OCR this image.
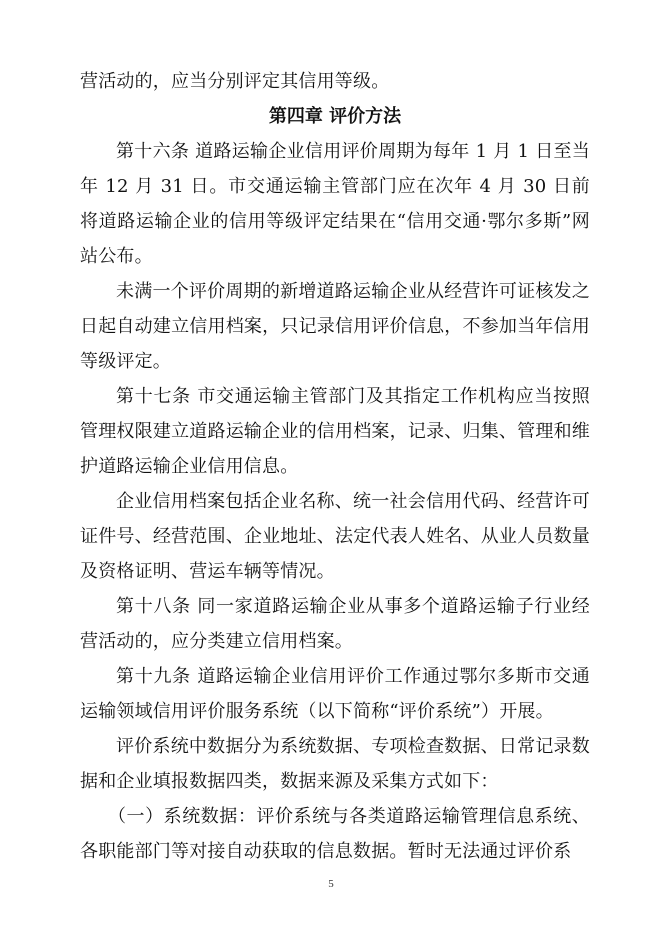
营活动的，应当分别评定其信用等级。

第四章 评价方法

第十六条 道路运输企业信用评价周期为每年 1 月 1 日至当年 12 月 31 日。市交通运输主管部门应在次年 4 月 30 日前将道路运输企业的信用等级评定结果在“信用交通·鄂尔多斯”网站公布。

未满一个评价周期的新增道路运输企业从经营许可证核发之日起自动建立信用档案，只记录信用评价信息，不参加当年信用等级评定。

第十七条 市交通运输主管部门及其指定工作机构应当按照管理权限建立道路运输企业的信用档案，记录、归集、管理和维护道路运输企业信用信息。

企业信用档案包括企业名称、统一社会信用代码、经营许可证件号、经营范围、企业地址、法定代表人姓名、从业人员数量及资格证明、营运车辆等情况。

第十八条 同一家道路运输企业从事多个道路运输子行业经营活动的，应分类建立信用档案。

第十九条 道路运输企业信用评价工作通过鄂尔多斯市交通运输领域信用评价服务系统（以下简称“评价系统”）开展。

评价系统中数据分为系统数据、专项检查数据、日常记录数据和企业填报数据四类，数据来源及采集方式如下：

（一）系统数据：评价系统与各类道路运输管理信息系统、各职能部门等对接自动获取的信息数据。暂时无法通过评价系

5
